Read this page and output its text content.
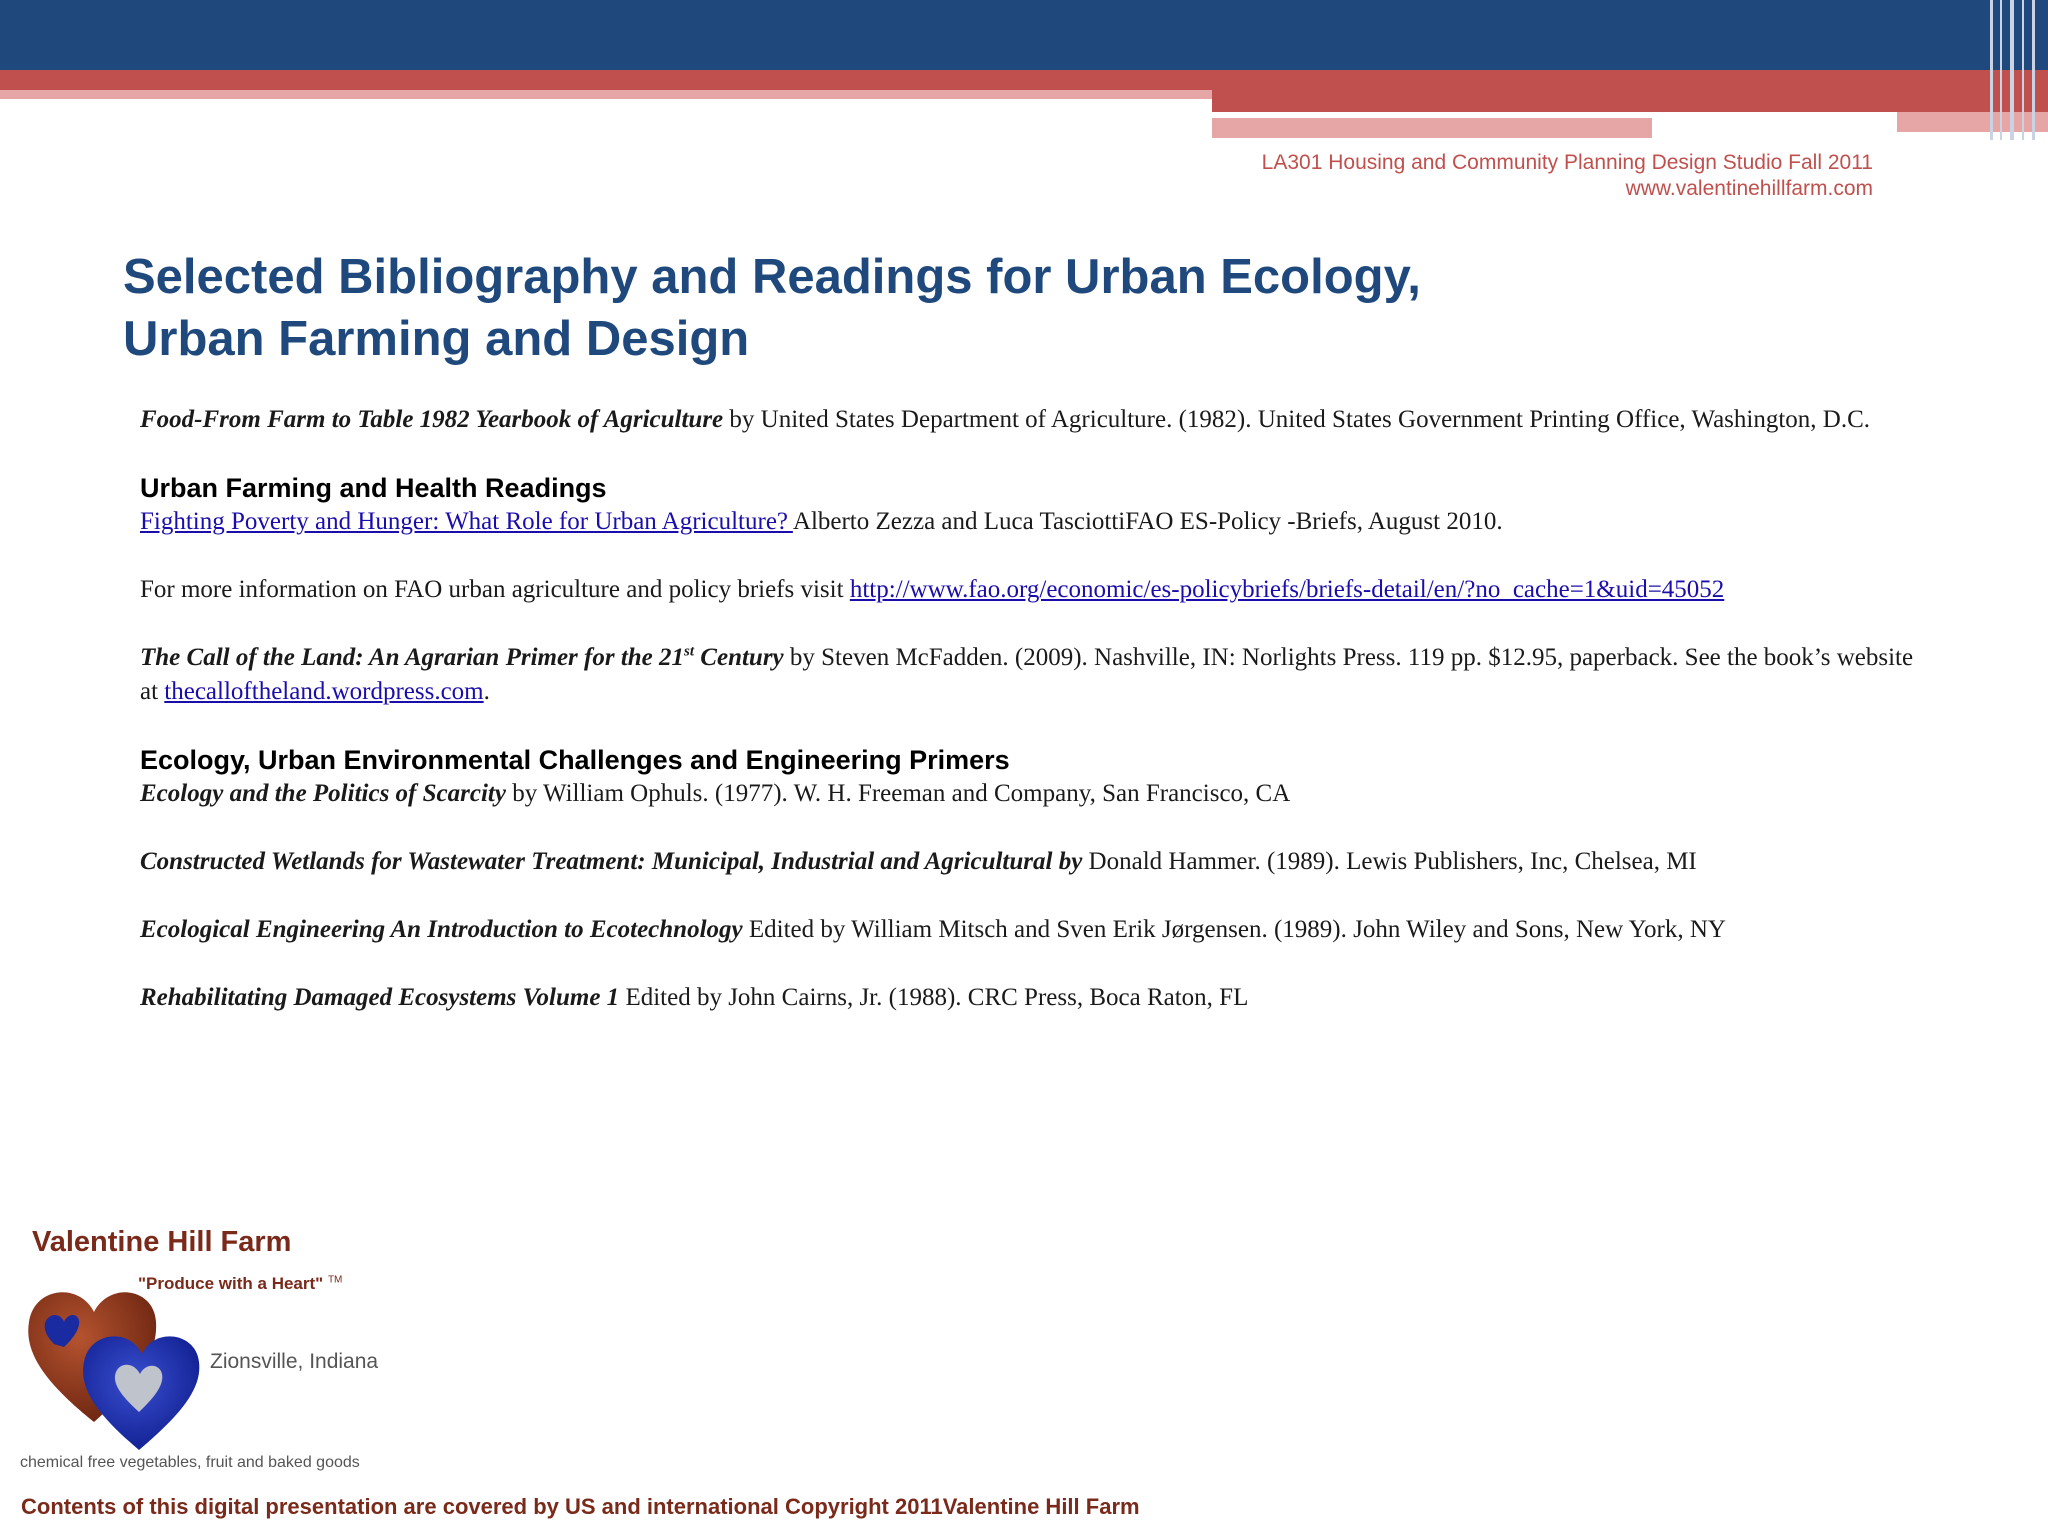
LA301 Housing and Community Planning Design Studio Fall 2011
www.valentinehillfarm.com
Selected Bibliography and Readings for Urban Ecology,
Urban Farming and Design

Food-From Farm to Table 1982 Yearbook of Agriculture by United States Department of Agriculture. (1982). United States Government Printing Office, Washington, D.C.

Urban Farming and Health Readings

Fighting Poverty and Hunger: What Role for Urban Agriculture? Alberto Zezza and Luca TasciottiFAO ES-Policy -Briefs, August 2010.

For more information on FAO urban agriculture and policy briefs visit http://www.fao.org/economic/es-policybriefs/briefs-detail/en/?no_cache=1&uid=45052

The Call of the Land: An Agrarian Primer for the 21st Century by Steven McFadden. (2009). Nashville, IN: Norlights Press. 119 pp. $12.95, paperback. See the book’s website at thecalloftheland.wordpress.com.

Ecology, Urban Environmental Challenges and Engineering Primers

Ecology and the Politics of Scarcity by William Ophuls. (1977). W. H. Freeman and Company, San Francisco, CA

Constructed Wetlands for Wastewater Treatment: Municipal, Industrial and Agricultural by Donald Hammer. (1989). Lewis Publishers, Inc, Chelsea, MI

Ecological Engineering An Introduction to Ecotechnology Edited by William Mitsch and Sven Erik Jørgensen. (1989). John Wiley and Sons, New York, NY

Rehabilitating Damaged Ecosystems Volume 1 Edited by John Cairns, Jr. (1988). CRC Press, Boca Raton, FL

Valentine Hill Farm
"Produce with a Heart" ™
Zionsville, Indiana
chemical free vegetables, fruit and baked goods
Contents of this digital presentation are covered by US and international Copyright 2011Valentine Hill Farm
